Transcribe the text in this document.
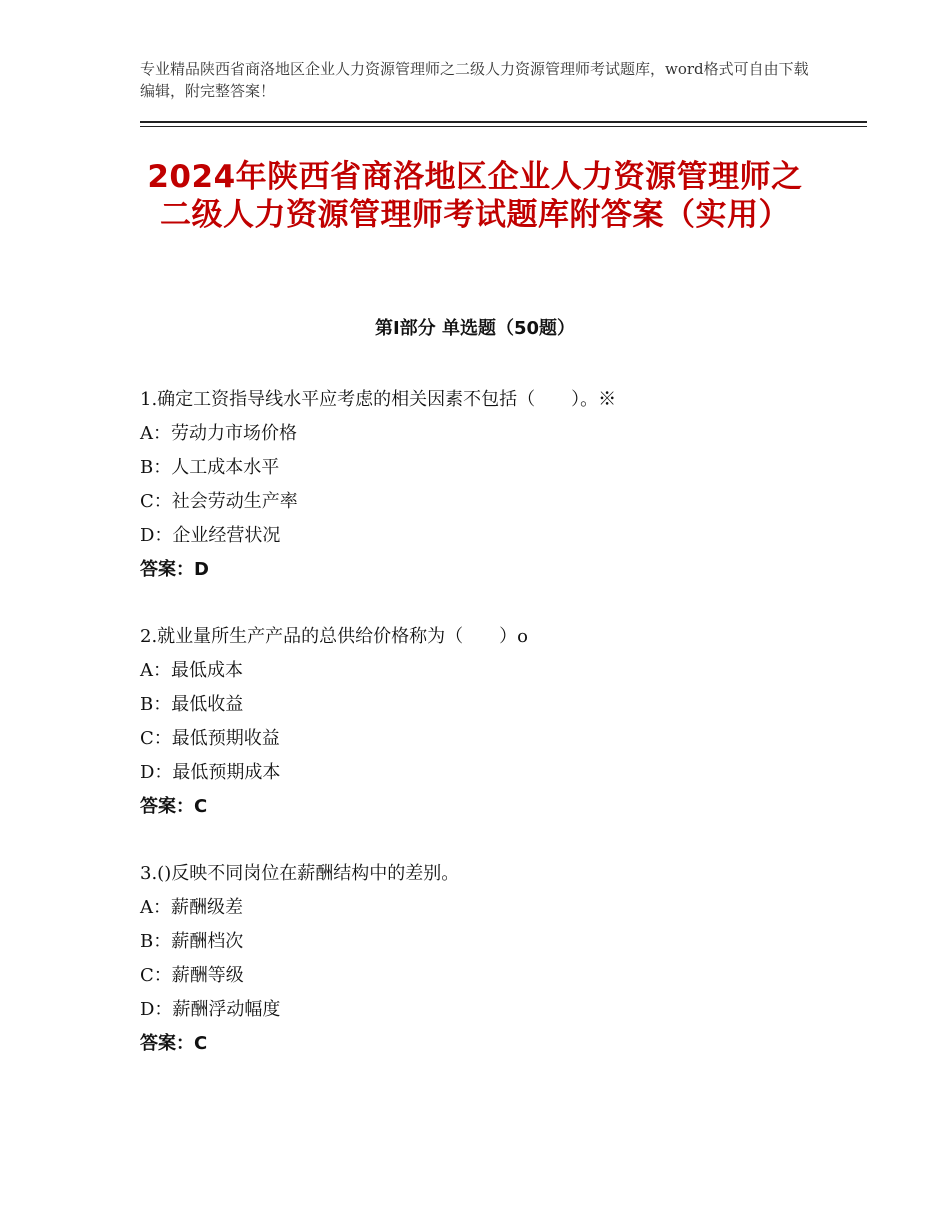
专业精品陕西省商洛地区企业人力资源管理师之二级人力资源管理师考试题库，word格式可自由下载编辑，附完整答案！
2024年陕西省商洛地区企业人力资源管理师之二级人力资源管理师考试题库附答案（实用）
第Ⅰ部分 单选题（50题）
1.确定工资指导线水平应考虑的相关因素不包括（　　）。※
A：劳动力市场价格
B：人工成本水平
C：社会劳动生产率
D：企业经营状况
答案：D
2.就业量所生产产品的总供给价格称为（　　）o
A：最低成本
B：最低收益
C：最低预期收益
D：最低预期成本
答案：C
3.()反映不同岗位在薪酬结构中的差别。
A：薪酬级差
B：薪酬档次
C：薪酬等级
D：薪酬浮动幅度
答案：C
